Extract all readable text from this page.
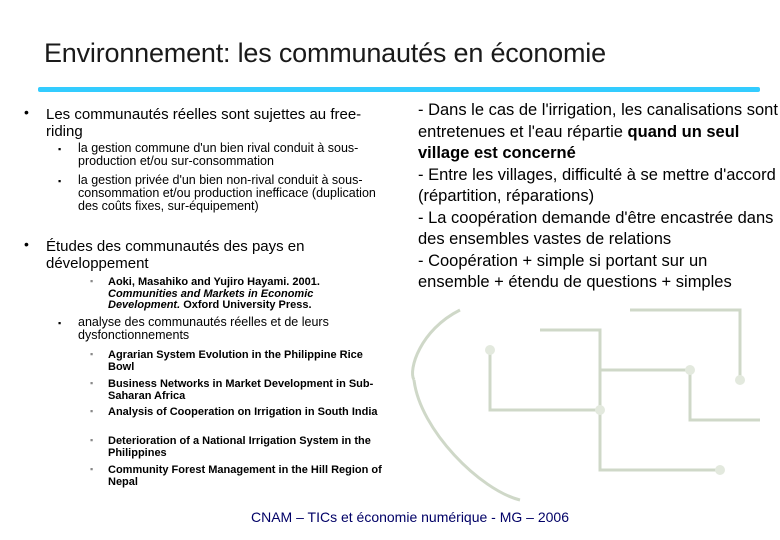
Environnement: les communautés en économie
• Les communautés réelles sont sujettes au free-riding
▪ la gestion commune d'un bien rival conduit à sous-production et/ou sur-consommation
▪ la gestion privée d'un bien non-rival conduit à sous-consommation et/ou production inefficace (duplication des coûts fixes, sur-équipement)
• Études des communautés des pays en développement
▪ Aoki, Masahiko and Yujiro Hayami. 2001. Communities and Markets in Economic Development. Oxford University Press.
▪ analyse des communautés réelles et de leurs dysfonctionnements
▪ Agrarian System Evolution in the Philippine Rice Bowl
▪ Business Networks in Market Development in Sub-Saharan Africa
▪ Analysis of Cooperation on Irrigation in South India
▪ Deterioration of a National Irrigation System in the Philippines
▪ Community Forest Management in the Hill Region of Nepal

- Dans le cas de l'irrigation, les canalisations sont entretenues et l'eau répartie quand un seul village est concerné

- Entre les villages, difficulté à se mettre d'accord (répartition, réparations)

- La coopération demande d'être encastrée dans des ensembles vastes de relations

- Coopération + simple si portant sur un ensemble + étendu de questions + simples

CNAM – TICs et économie numérique - MG – 2006
